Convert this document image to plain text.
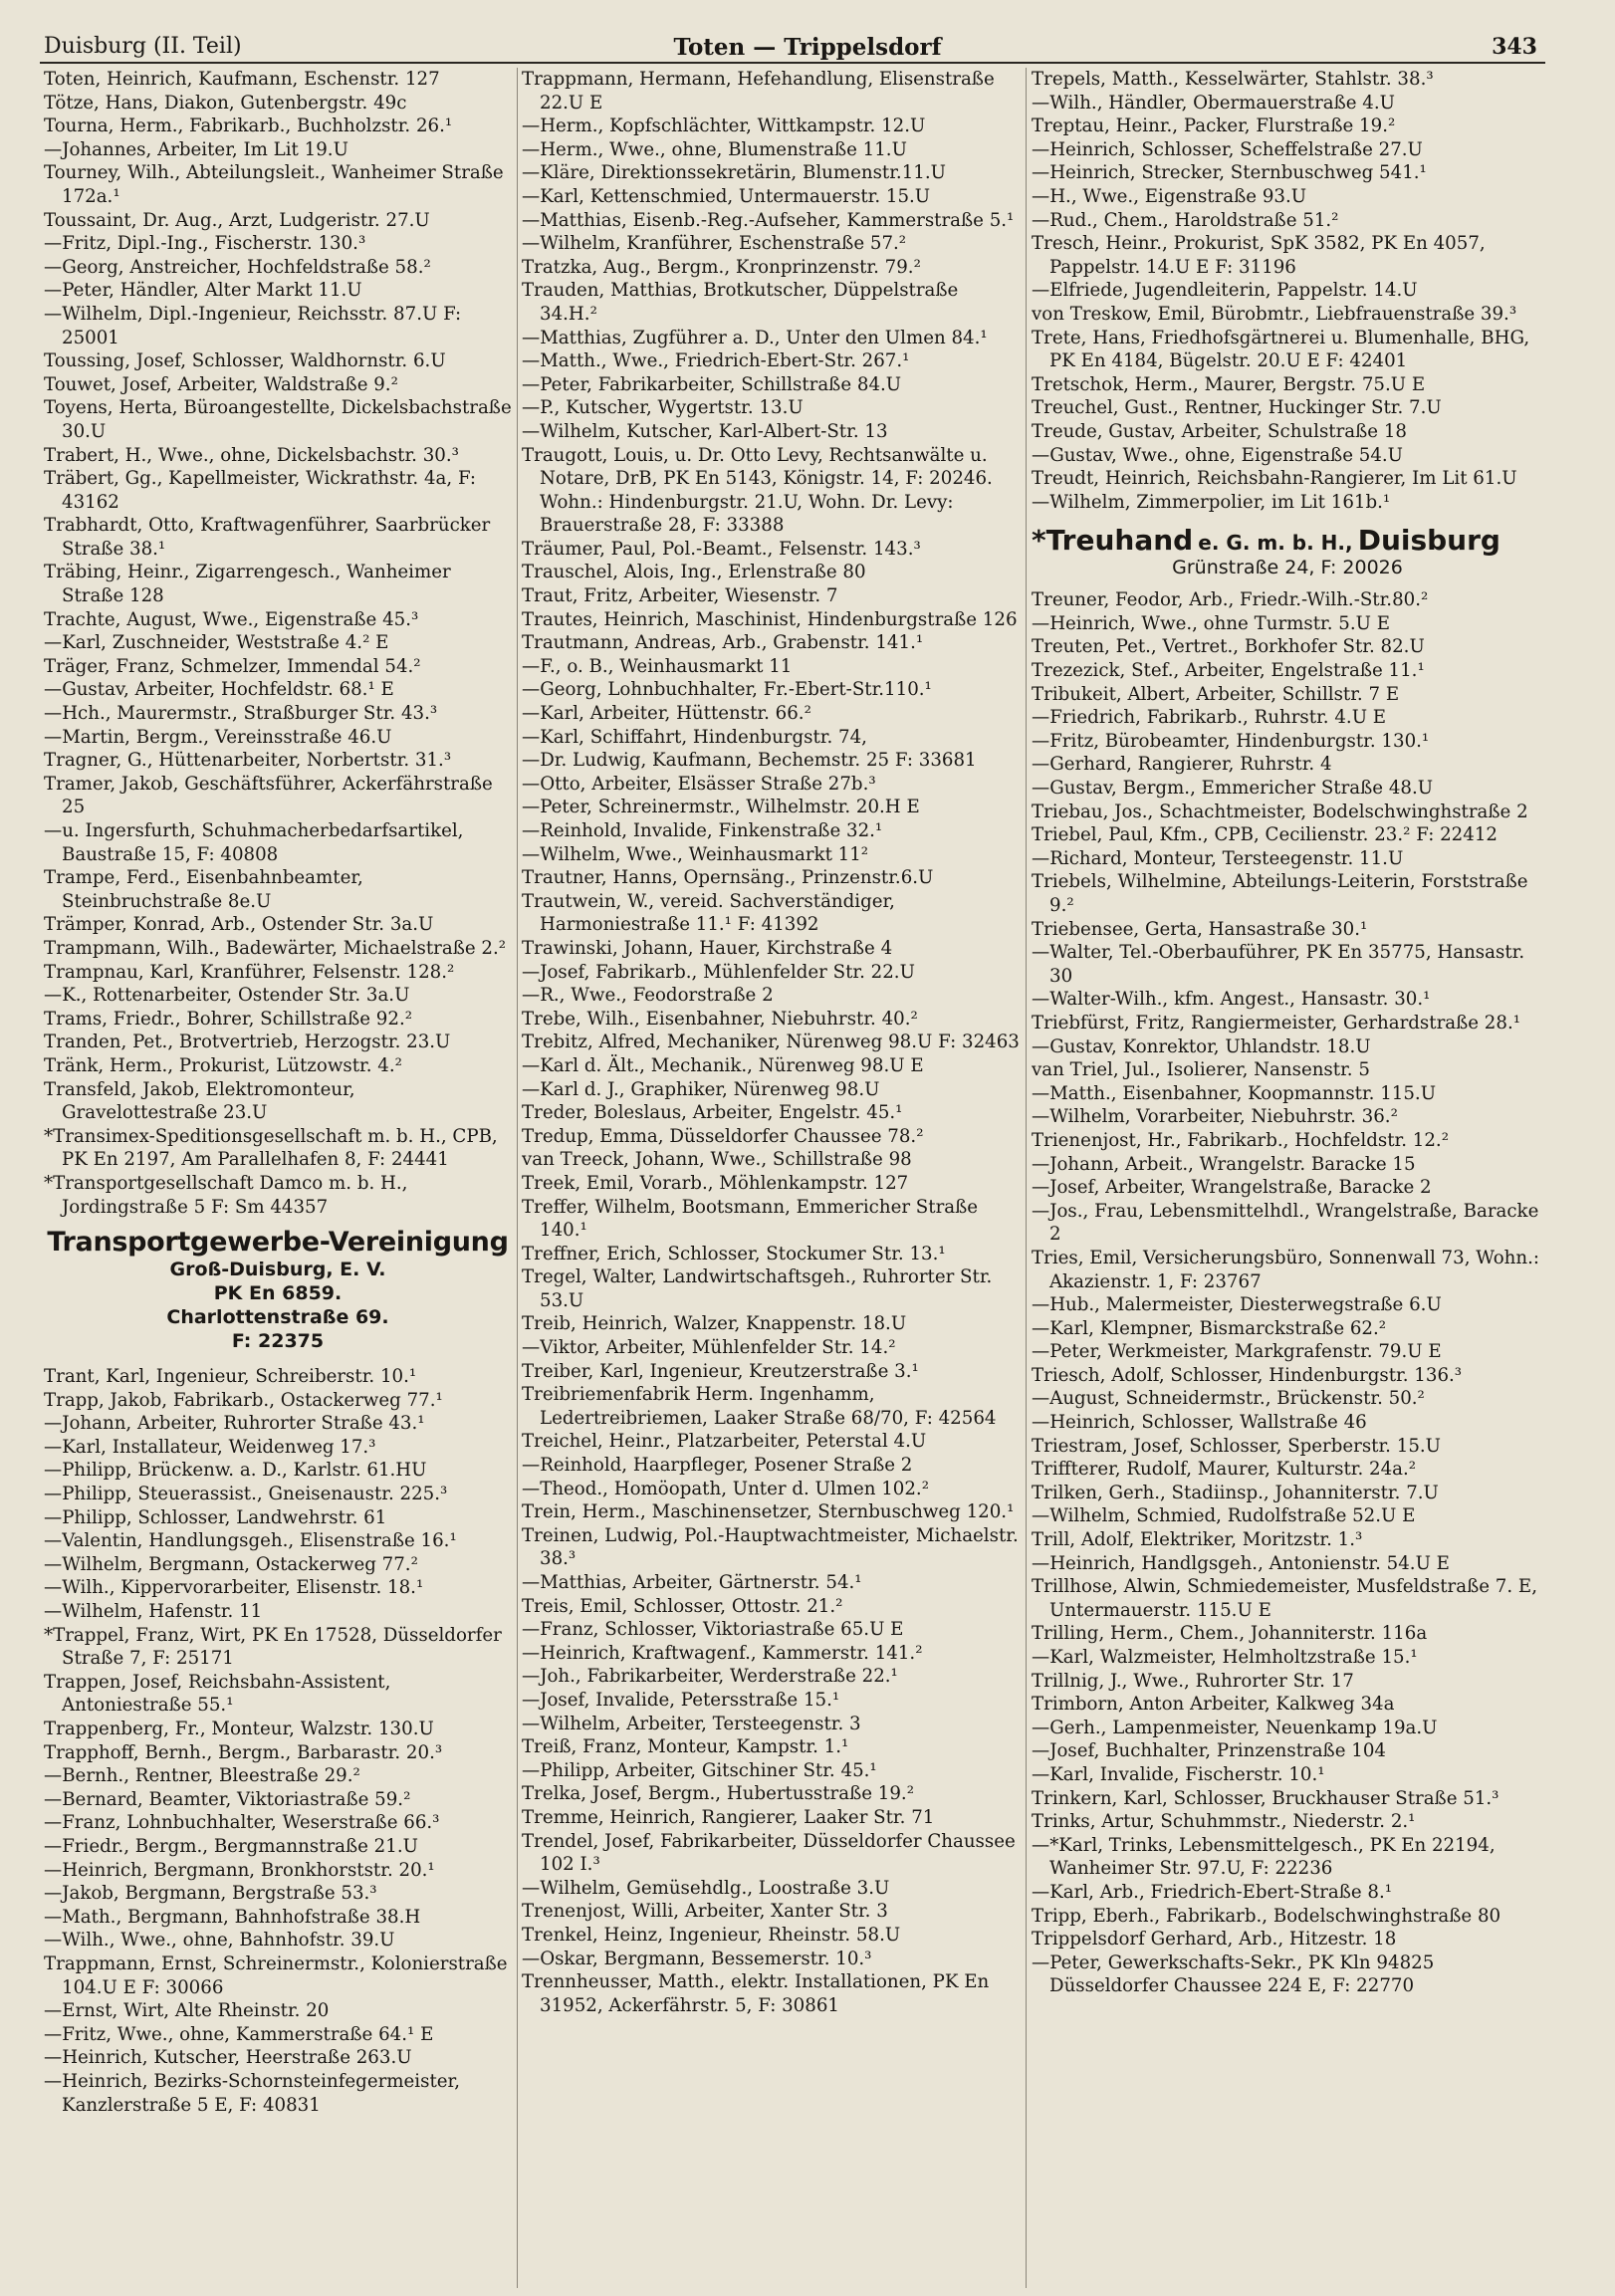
Duisburg (II. Teil)	Toten — Trippelsdorf	343

Toten, Heinrich, Kaufmann, Eschenstr. 127

Tötze, Hans, Diakon, Gutenbergstr. 49c

Tourna, Herm., Fabrikarb., Buchholzstr. 26.¹

—Johannes, Arbeiter, Im Lit 19.U

Tourney, Wilh., Abteilungsleit., Wanheimer Straße 172a.¹

Toussaint, Dr. Aug., Arzt, Ludgeristr. 27.U

—Fritz, Dipl.-Ing., Fischerstr. 130.³

—Georg, Anstreicher, Hochfeldstraße 58.²

—Peter, Händler, Alter Markt 11.U

—Wilhelm, Dipl.-Ingenieur, Reichsstr. 87.U F: 25001

Toussing, Josef, Schlosser, Waldhornstr. 6.U

Touwet, Josef, Arbeiter, Waldstraße 9.²

Toyens, Herta, Büroangestellte, Dickelsbachstraße 30.U

Trabert, H., Wwe., ohne, Dickelsbachstr. 30.³

Träbert, Gg., Kapellmeister, Wickrathstr. 4a, F: 43162

Trabhardt, Otto, Kraftwagenführer, Saarbrücker Straße 38.¹

Träbing, Heinr., Zigarrengesch., Wanheimer Straße 128

Trachte, August, Wwe., Eigenstraße 45.³

—Karl, Zuschneider, Weststraße 4.² E

Träger, Franz, Schmelzer, Immendal 54.²

—Gustav, Arbeiter, Hochfeldstr. 68.¹ E

—Hch., Maurermstr., Straßburger Str. 43.³

—Martin, Bergm., Vereinsstraße 46.U

Tragner, G., Hüttenarbeiter, Norbertstr. 31.³

Tramer, Jakob, Geschäftsführer, Ackerfährstraße 25

—u. Ingersfurth, Schuhmacherbedarfsartikel, Baustraße 15, F: 40808

Trampe, Ferd., Eisenbahnbeamter, Steinbruchstraße 8e.U

Trämper, Konrad, Arb., Ostender Str. 3a.U

Trampmann, Wilh., Badewärter, Michaelstraße 2.²

Trampnau, Karl, Kranführer, Felsenstr. 128.²

—K., Rottenarbeiter, Ostender Str. 3a.U

Trams, Friedr., Bohrer, Schillstraße 92.²

Tranden, Pet., Brotvertrieb, Herzogstr. 23.U

Tränk, Herm., Prokurist, Lützowstr. 4.²

Transfeld, Jakob, Elektromonteur, Gravelottestraße 23.U

*Transimex-Speditionsgesellschaft m. b. H., CPB, PK En 2197, Am Parallelhafen 8, F: 24441

*Transportgesellschaft Damco m. b. H., Jordingstraße 5 F: Sm 44357

Transportgewerbe-Vereinigung
Groß-Duisburg, E. V.
PK En 6859.
Charlottenstraße 69.
F: 22375

Trant, Karl, Ingenieur, Schreiberstr. 10.¹

Trapp, Jakob, Fabrikarb., Ostackerweg 77.¹

—Johann, Arbeiter, Ruhrorter Straße 43.¹

—Karl, Installateur, Weidenweg 17.³

—Philipp, Brückenw. a. D., Karlstr. 61.HU

—Philipp, Steuerassist., Gneisenaustr. 225.³

—Philipp, Schlosser, Landwehrstr. 61

—Valentin, Handlungsgeh., Elisenstraße 16.¹

—Wilhelm, Bergmann, Ostackerweg 77.²

—Wilh., Kippervorarbeiter, Elisenstr. 18.¹

—Wilhelm, Hafenstr. 11

*Trappel, Franz, Wirt, PK En 17528, Düsseldorfer Straße 7, F: 25171

Trappen, Josef, Reichsbahn-Assistent, Antoniestraße 55.¹

Trappenberg, Fr., Monteur, Walzstr. 130.U

Trapphoff, Bernh., Bergm., Barbarastr. 20.³

—Bernh., Rentner, Bleestraße 29.²

—Bernard, Beamter, Viktoriastraße 59.²

—Franz, Lohnbuchhalter, Weserstraße 66.³

—Friedr., Bergm., Bergmannstraße 21.U

—Heinrich, Bergmann, Bronkhorststr. 20.¹

—Jakob, Bergmann, Bergstraße 53.³

—Math., Bergmann, Bahnhofstraße 38.H

—Wilh., Wwe., ohne, Bahnhofstr. 39.U

Trappmann, Ernst, Schreinermstr., Kolonierstraße 104.U E F: 30066

—Ernst, Wirt, Alte Rheinstr. 20

—Fritz, Wwe., ohne, Kammerstraße 64.¹ E

—Heinrich, Kutscher, Heerstraße 263.U

—Heinrich, Bezirks-Schornsteinfegermeister, Kanzlerstraße 5 E, F: 40831

Trappmann, Hermann, Hefehandlung, Elisenstraße 22.U E

—Herm., Kopfschlächter, Wittkampstr. 12.U

—Herm., Wwe., ohne, Blumenstraße 11.U

—Kläre, Direktionssekretärin, Blumenstr.11.U

—Karl, Kettenschmied, Untermauerstr. 15.U

—Matthias, Eisenb.-Reg.-Aufseher, Kammerstraße 5.¹

—Wilhelm, Kranführer, Eschenstraße 57.²

Tratzka, Aug., Bergm., Kronprinzenstr. 79.²

Trauden, Matthias, Brotkutscher, Düppelstraße 34.H.²

—Matthias, Zugführer a. D., Unter den Ulmen 84.¹

—Matth., Wwe., Friedrich-Ebert-Str. 267.¹

—Peter, Fabrikarbeiter, Schillstraße 84.U

—P., Kutscher, Wygertstr. 13.U

—Wilhelm, Kutscher, Karl-Albert-Str. 13

Traugott, Louis, u. Dr. Otto Levy, Rechtsanwälte u. Notare, DrB, PK En 5143, Königstr. 14, F: 20246. Wohn.: Hindenburgstr. 21.U, Wohn. Dr. Levy: Brauerstraße 28, F: 33388

Träumer, Paul, Pol.-Beamt., Felsenstr. 143.³

Trauschel, Alois, Ing., Erlenstraße 80

Traut, Fritz, Arbeiter, Wiesenstr. 7

Trautes, Heinrich, Maschinist, Hindenburgstraße 126

Trautmann, Andreas, Arb., Grabenstr. 141.¹

—F., o. B., Weinhausmarkt 11

—Georg, Lohnbuchhalter, Fr.-Ebert-Str.110.¹

—Karl, Arbeiter, Hüttenstr. 66.²

—Karl, Schiffahrt, Hindenburgstr. 74,

—Dr. Ludwig, Kaufmann, Bechemstr. 25 F: 33681

—Otto, Arbeiter, Elsässer Straße 27b.³

—Peter, Schreinermstr., Wilhelmstr. 20.H E

—Reinhold, Invalide, Finkenstraße 32.¹

—Wilhelm, Wwe., Weinhausmarkt 11²

Trautner, Hanns, Opernsäng., Prinzenstr.6.U

Trautwein, W., vereid. Sachverständiger, Harmoniestraße 11.¹ F: 41392

Trawinski, Johann, Hauer, Kirchstraße 4

—Josef, Fabrikarb., Mühlenfelder Str. 22.U

—R., Wwe., Feodorstraße 2

Trebe, Wilh., Eisenbahner, Niebuhrstr. 40.²

Trebitz, Alfred, Mechaniker, Nürenweg 98.U F: 32463

—Karl d. Ält., Mechanik., Nürenweg 98.U E

—Karl d. J., Graphiker, Nürenweg 98.U

Treder, Boleslaus, Arbeiter, Engelstr. 45.¹

Tredup, Emma, Düsseldorfer Chaussee 78.²

van Treeck, Johann, Wwe., Schillstraße 98

Treek, Emil, Vorarb., Möhlenkampstr. 127

Treffer, Wilhelm, Bootsmann, Emmericher Straße 140.¹

Treffner, Erich, Schlosser, Stockumer Str. 13.¹

Tregel, Walter, Landwirtschaftsgeh., Ruhrorter Str. 53.U

Treib, Heinrich, Walzer, Knappenstr. 18.U

—Viktor, Arbeiter, Mühlenfelder Str. 14.²

Treiber, Karl, Ingenieur, Kreutzerstraße 3.¹

Treibriemenfabrik Herm. Ingenhamm, Ledertreibriemen, Laaker Straße 68/70, F: 42564

Treichel, Heinr., Platzarbeiter, Peterstal 4.U

—Reinhold, Haarpfleger, Posener Straße 2

—Theod., Homöopath, Unter d. Ulmen 102.²

Trein, Herm., Maschinensetzer, Sternbuschweg 120.¹

Treinen, Ludwig, Pol.-Hauptwachtmeister, Michaelstr. 38.³

—Matthias, Arbeiter, Gärtnerstr. 54.¹

Treis, Emil, Schlosser, Ottostr. 21.²

—Franz, Schlosser, Viktoriastraße 65.U E

—Heinrich, Kraftwagenf., Kammerstr. 141.²

—Joh., Fabrikarbeiter, Werderstraße 22.¹

—Josef, Invalide, Petersstraße 15.¹

—Wilhelm, Arbeiter, Tersteegenstr. 3

Treiß, Franz, Monteur, Kampstr. 1.¹

—Philipp, Arbeiter, Gitschiner Str. 45.¹

Trelka, Josef, Bergm., Hubertusstraße 19.²

Tremme, Heinrich, Rangierer, Laaker Str. 71

Trendel, Josef, Fabrikarbeiter, Düsseldorfer Chaussee 102 I.³

—Wilhelm, Gemüsehdlg., Loostraße 3.U

Trenenjost, Willi, Arbeiter, Xanter Str. 3

Trenkel, Heinz, Ingenieur, Rheinstr. 58.U

—Oskar, Bergmann, Bessemerstr. 10.³

Trennheusser, Matth., elektr. Installationen, PK En 31952, Ackerfährstr. 5, F: 30861

Trepels, Matth., Kesselwärter, Stahlstr. 38.³

—Wilh., Händler, Obermauerstraße 4.U

Treptau, Heinr., Packer, Flurstraße 19.²

—Heinrich, Schlosser, Scheffelstraße 27.U

—Heinrich, Strecker, Sternbuschweg 541.¹

—H., Wwe., Eigenstraße 93.U

—Rud., Chem., Haroldstraße 51.²

Tresch, Heinr., Prokurist, SpK 3582, PK En 4057, Pappelstr. 14.U E F: 31196

—Elfriede, Jugendleiterin, Pappelstr. 14.U

von Treskow, Emil, Bürobmtr., Liebfrauenstraße 39.³

Trete, Hans, Friedhofsgärtnerei u. Blumenhalle, BHG, PK En 4184, Bügelstr. 20.U E F: 42401

Tretschok, Herm., Maurer, Bergstr. 75.U E

Treuchel, Gust., Rentner, Huckinger Str. 7.U

Treude, Gustav, Arbeiter, Schulstraße 18

—Gustav, Wwe., ohne, Eigenstraße 54.U

Treudt, Heinrich, Reichsbahn-Rangierer, Im Lit 61.U

—Wilhelm, Zimmerpolier, im Lit 161b.¹

*Treuhand e. G. m. b. H., Duisburg
Grünstraße 24, F: 20026

Treuner, Feodor, Arb., Friedr.-Wilh.-Str.80.²

—Heinrich, Wwe., ohne Turmstr. 5.U E

Treuten, Pet., Vertret., Borkhofer Str. 82.U

Trezezick, Stef., Arbeiter, Engelstraße 11.¹

Tribukeit, Albert, Arbeiter, Schillstr. 7 E

—Friedrich, Fabrikarb., Ruhrstr. 4.U E

—Fritz, Bürobeamter, Hindenburgstr. 130.¹

—Gerhard, Rangierer, Ruhrstr. 4

—Gustav, Bergm., Emmericher Straße 48.U

Triebau, Jos., Schachtmeister, Bodelschwinghstraße 2

Triebel, Paul, Kfm., CPB, Cecilienstr. 23.² F: 22412

—Richard, Monteur, Tersteegenstr. 11.U

Triebels, Wilhelmine, Abteilungs-Leiterin, Forststraße 9.²

Triebensee, Gerta, Hansastraße 30.¹

—Walter, Tel.-Oberbauführer, PK En 35775, Hansastr. 30

—Walter-Wilh., kfm. Angest., Hansastr. 30.¹

Triebfürst, Fritz, Rangiermeister, Gerhardstraße 28.¹

—Gustav, Konrektor, Uhlandstr. 18.U

van Triel, Jul., Isolierer, Nansenstr. 5

—Matth., Eisenbahner, Koopmannstr. 115.U

—Wilhelm, Vorarbeiter, Niebuhrstr. 36.²

Trienenjost, Hr., Fabrikarb., Hochfeldstr. 12.²

—Johann, Arbeit., Wrangelstr. Baracke 15

—Josef, Arbeiter, Wrangelstraße, Baracke 2

—Jos., Frau, Lebensmittelhdl., Wrangelstraße, Baracke 2

Tries, Emil, Versicherungsbüro, Sonnenwall 73, Wohn.: Akazienstr. 1, F: 23767

—Hub., Malermeister, Diesterwegstraße 6.U

—Karl, Klempner, Bismarckstraße 62.²

—Peter, Werkmeister, Markgrafenstr. 79.U E

Triesch, Adolf, Schlosser, Hindenburgstr. 136.³

—August, Schneidermstr., Brückenstr. 50.²

—Heinrich, Schlosser, Wallstraße 46

Triestram, Josef, Schlosser, Sperberstr. 15.U

Triffterer, Rudolf, Maurer, Kulturstr. 24a.²

Trilken, Gerh., Stadiinsp., Johanniterstr. 7.U

—Wilhelm, Schmied, Rudolfstraße 52.U E

Trill, Adolf, Elektriker, Moritzstr. 1.³

—Heinrich, Handlgsgeh., Antonienstr. 54.U E

Trillhose, Alwin, Schmiedemeister, Musfeldstraße 7. E, Untermauerstr. 115.U E

Trilling, Herm., Chem., Johanniterstr. 116a

—Karl, Walzmeister, Helmholtzstraße 15.¹

Trillnig, J., Wwe., Ruhrorter Str. 17

Trimborn, Anton Arbeiter, Kalkweg 34a

—Gerh., Lampenmeister, Neuenkamp 19a.U

—Josef, Buchhalter, Prinzenstraße 104

—Karl, Invalide, Fischerstr. 10.¹

Trinkern, Karl, Schlosser, Bruckhauser Straße 51.³

Trinks, Artur, Schuhmmstr., Niederstr. 2.¹

—*Karl, Trinks, Lebensmittelgesch., PK En 22194, Wanheimer Str. 97.U, F: 22236

—Karl, Arb., Friedrich-Ebert-Straße 8.¹

Tripp, Eberh., Fabrikarb., Bodelschwinghstraße 80

Trippelsdorf Gerhard, Arb., Hitzestr. 18

—Peter, Gewerkschafts-Sekr., PK Kln 94825 Düsseldorfer Chaussee 224 E, F: 22770
